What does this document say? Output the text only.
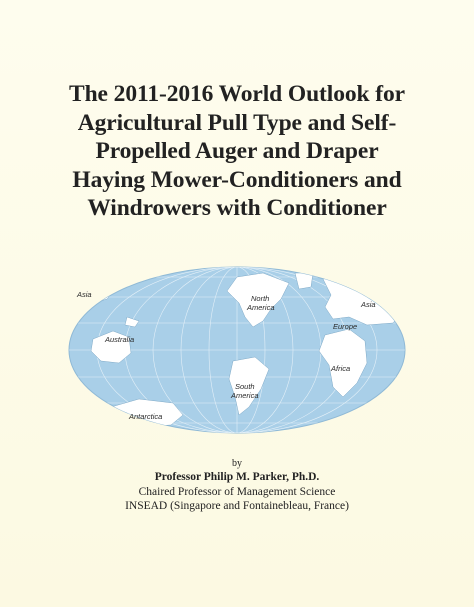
The 2011-2016 World Outlook for
Agricultural Pull Type and Self-
Propelled Auger and Draper
Haying Mower-Conditioners and
Windrowers with Conditioner
Asia	North
America	Asia
Europe
Australia
South
America
Africa
Antarctica
by
Professor Philip M. Parker, Ph.D.
Chaired Professor of Management Science
INSEAD (Singapore and Fontainebleau, France)
